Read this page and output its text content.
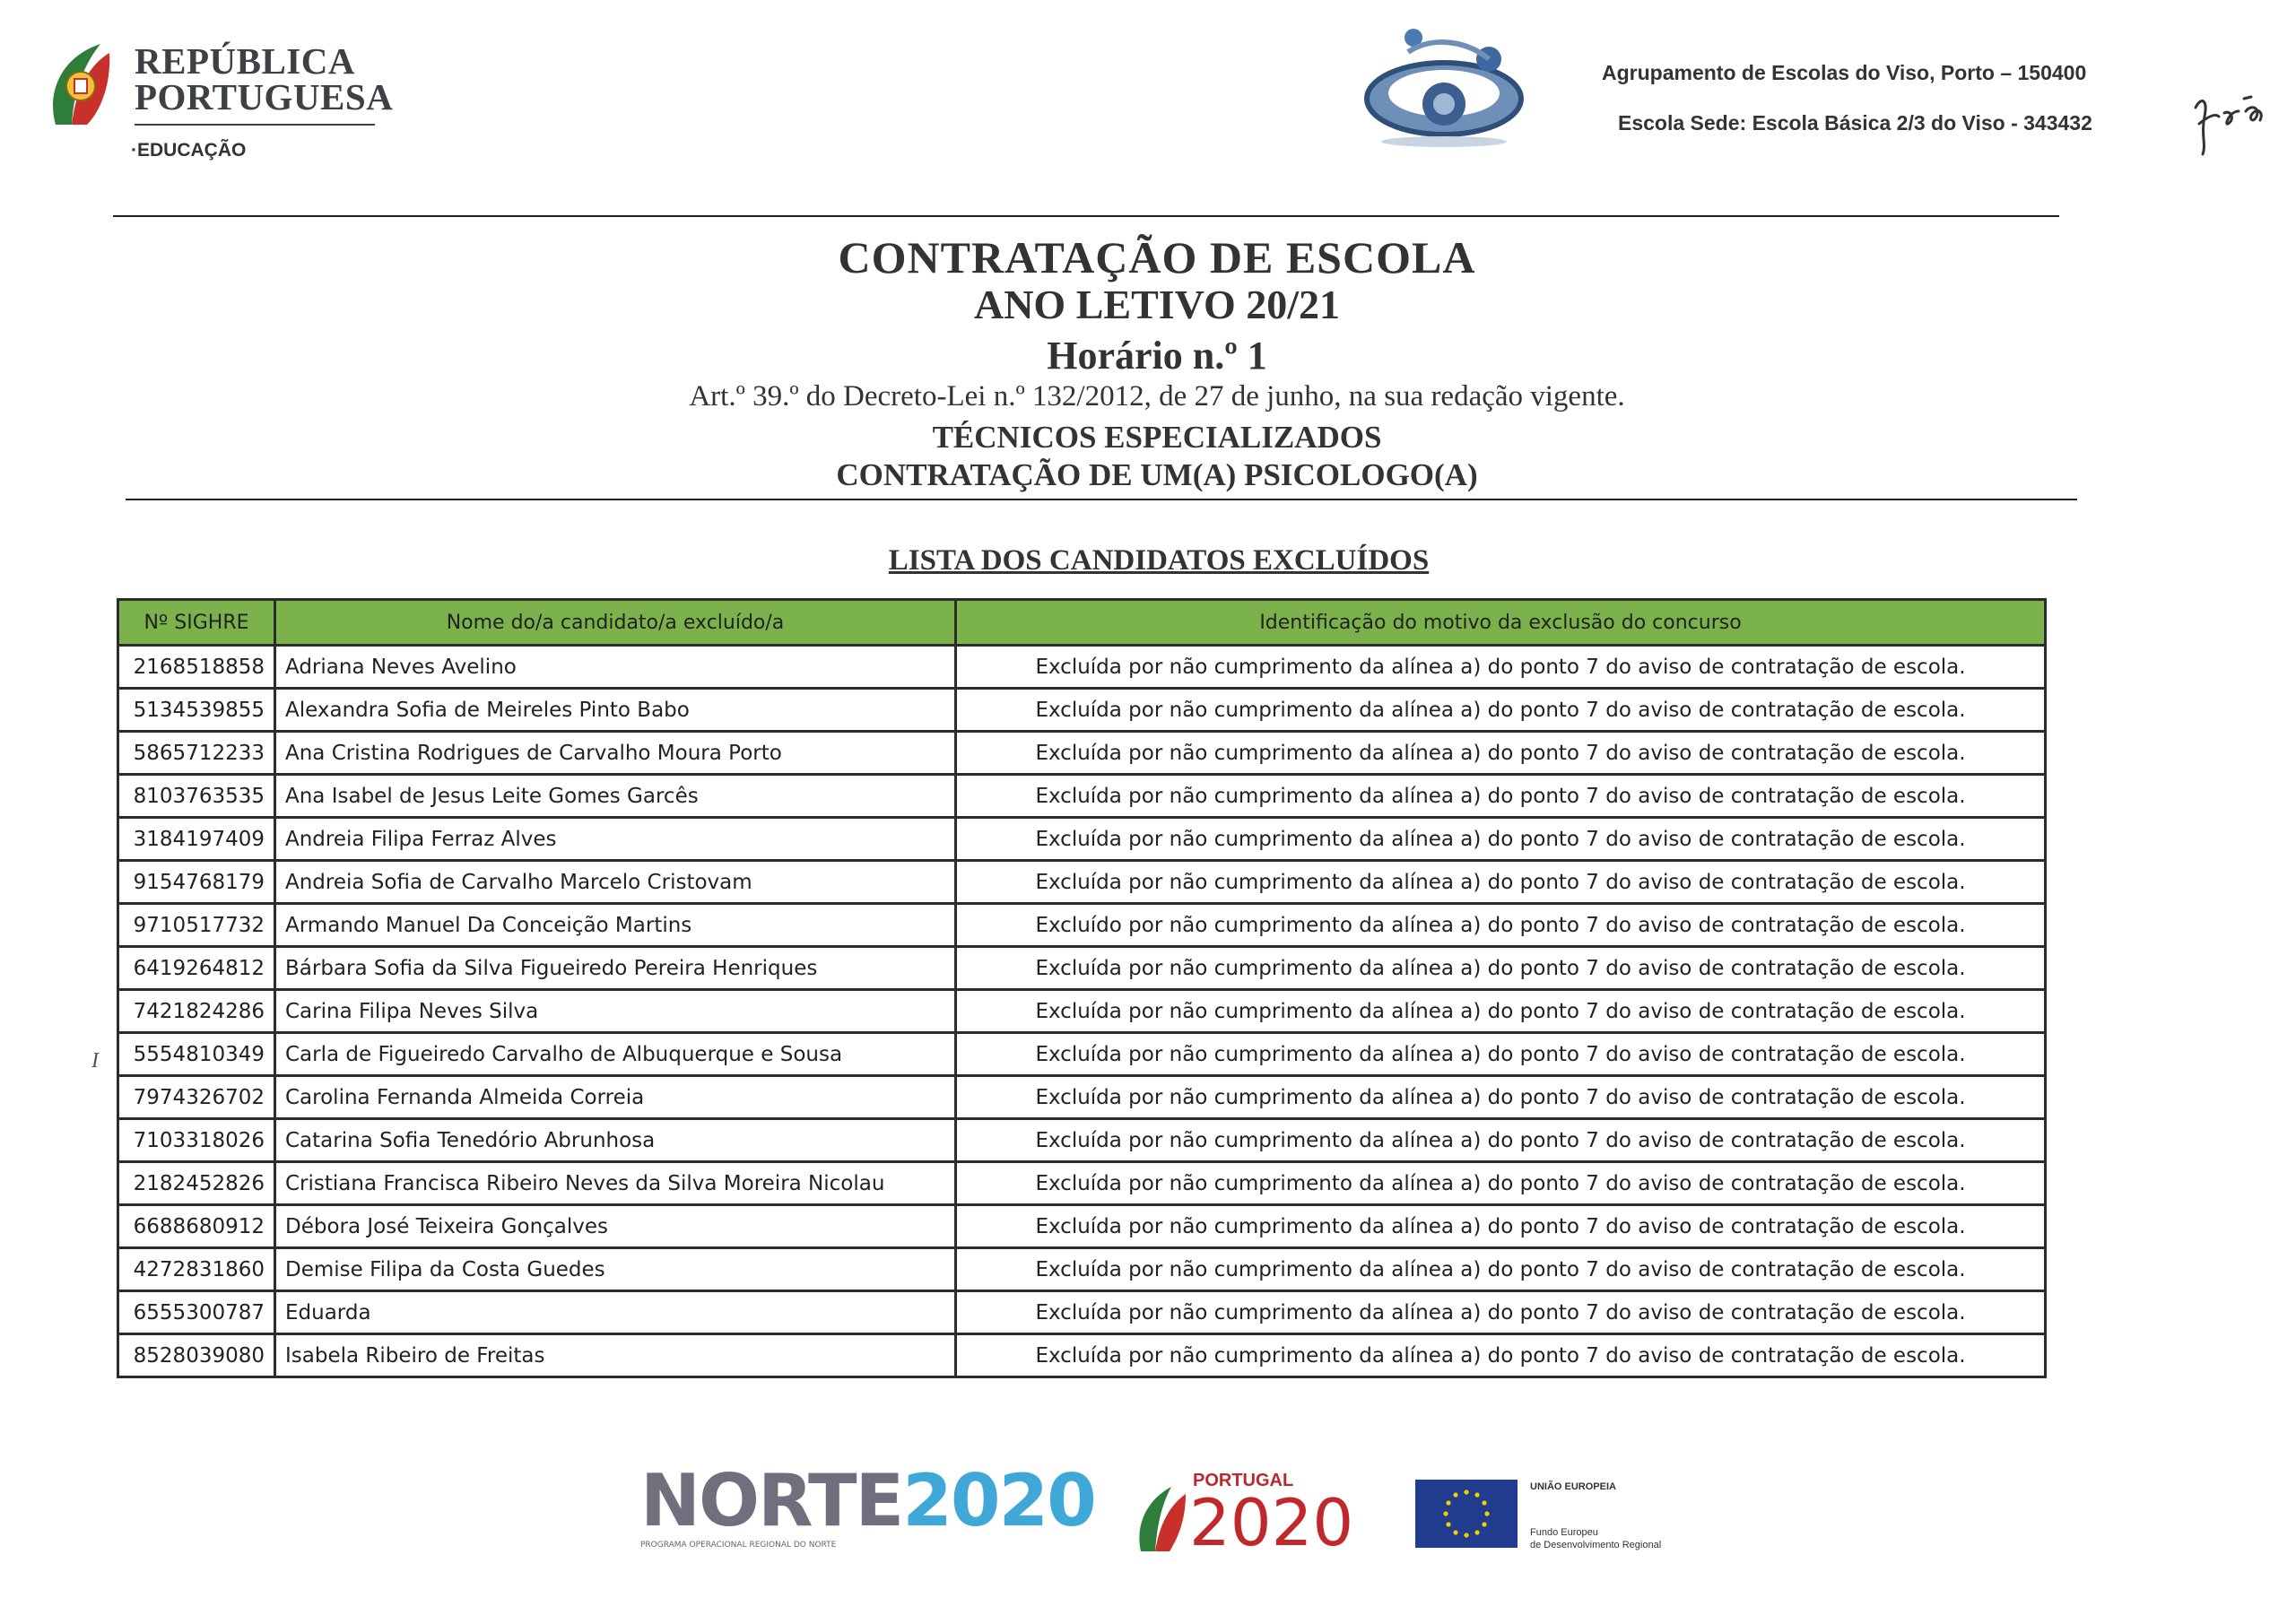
REPÚBLICA
PORTUGUESA
·EDUCAÇÃO
Agrupamento de Escolas do Viso, Porto – 150400
Escola Sede: Escola Básica 2/3 do Viso - 343432
CONTRATAÇÃO DE ESCOLA
ANO LETIVO 20/21
Horário n.º 1
Art.º 39.º do Decreto-Lei n.º 132/2012, de 27 de junho, na sua redação vigente.
TÉCNICOS ESPECIALIZADOS
CONTRATAÇÃO DE UM(A) PSICOLOGO(A)
LISTA DOS CANDIDATOS EXCLUÍDOS
Nº SIGHRE	Nome do/a candidato/a excluído/a	Identificação do motivo da exclusão do concurso
2168518858	Adriana Neves Avelino	Excluída por não cumprimento da alínea a) do ponto 7 do aviso de contratação de escola.
5134539855	Alexandra Sofia de Meireles Pinto Babo	Excluída por não cumprimento da alínea a) do ponto 7 do aviso de contratação de escola.
5865712233	Ana Cristina Rodrigues de Carvalho Moura Porto	Excluída por não cumprimento da alínea a) do ponto 7 do aviso de contratação de escola.
8103763535	Ana Isabel de Jesus Leite Gomes Garcês	Excluída por não cumprimento da alínea a) do ponto 7 do aviso de contratação de escola.
3184197409	Andreia Filipa Ferraz Alves	Excluída por não cumprimento da alínea a) do ponto 7 do aviso de contratação de escola.
9154768179	Andreia Sofia de Carvalho Marcelo Cristovam	Excluída por não cumprimento da alínea a) do ponto 7 do aviso de contratação de escola.
9710517732	Armando Manuel Da Conceição Martins	Excluído por não cumprimento da alínea a) do ponto 7 do aviso de contratação de escola.
6419264812	Bárbara Sofia da Silva Figueiredo Pereira Henriques	Excluída por não cumprimento da alínea a) do ponto 7 do aviso de contratação de escola.
7421824286	Carina Filipa Neves Silva	Excluída por não cumprimento da alínea a) do ponto 7 do aviso de contratação de escola.
5554810349	Carla de Figueiredo Carvalho de Albuquerque e Sousa	Excluída por não cumprimento da alínea a) do ponto 7 do aviso de contratação de escola.
7974326702	Carolina Fernanda Almeida Correia	Excluída por não cumprimento da alínea a) do ponto 7 do aviso de contratação de escola.
7103318026	Catarina Sofia Tenedório Abrunhosa	Excluída por não cumprimento da alínea a) do ponto 7 do aviso de contratação de escola.
2182452826	Cristiana Francisca Ribeiro Neves da Silva Moreira Nicolau	Excluída por não cumprimento da alínea a) do ponto 7 do aviso de contratação de escola.
6688680912	Débora José Teixeira Gonçalves	Excluída por não cumprimento da alínea a) do ponto 7 do aviso de contratação de escola.
4272831860	Demise Filipa da Costa Guedes	Excluída por não cumprimento da alínea a) do ponto 7 do aviso de contratação de escola.
6555300787	Eduarda	Excluída por não cumprimento da alínea a) do ponto 7 do aviso de contratação de escola.
8528039080	Isabela Ribeiro de Freitas	Excluída por não cumprimento da alínea a) do ponto 7 do aviso de contratação de escola.
I
NORTE2020
PROGRAMA OPERACIONAL REGIONAL DO NORTE
PORTUGAL
2020	UNIÃO EUROPEIA
Fundo Europeu
de Desenvolvimento Regional
